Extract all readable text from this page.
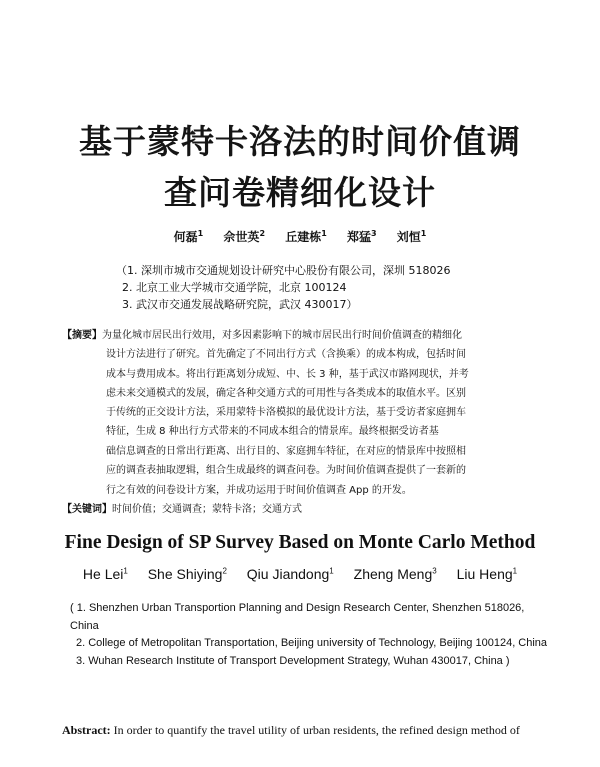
基于蒙特卡洛法的时间价值调
查问卷精细化设计
何磊$^1$ 佘世英$^2$ 丘建栋$^1$ 郑猛$^3$ 刘恒$^1$
（1. 深圳市城市交通规划设计研究中心股份有限公司，深圳 518026
2. 北京工业大学城市交通学院，北京 100124
3. 武汉市交通发展战略研究院，武汉 430017）
【摘要】为量化城市居民出行效用，对多因素影响下的城市居民出行时间价值调查的精细化
设计方法进行了研究。首先确定了不同出行方式（含换乘）的成本构成，包括时间
成本与费用成本。将出行距离划分成短、中、长 3 种，基于武汉市路网现状，并考
虑未来交通模式的发展，确定各种交通方式的可用性与各类成本的取值水平。区别
于传统的正交设计方法，采用蒙特卡洛模拟的最优设计方法，基于受访者家庭拥车
特征，生成 8 种出行方式带来的不同成本组合的情景库。最终根据受访者基
础信息调查的日常出行距离、出行目的、家庭拥车特征，在对应的情景库中按照相
应的调查表抽取逻辑，组合生成最终的调查问卷。为时间价值调查提供了一套新的
行之有效的问卷设计方案，并成功运用于时间价值调查 App 的开发。
【关键词】时间价值；交通调查；蒙特卡洛；交通方式
Fine Design of SP Survey Based on Monte Carlo Method
He Lei$^1$ She Shiying$^2$ Qiu Jiandong$^1$ Zheng Meng$^3$ Liu Heng$^1$
( 1. Shenzhen Urban Transportion Planning and Design Research Center, Shenzhen 518026, China
2. College of Metropolitan Transportation, Beijing university of Technology, Beijing 100124, China
3. Wuhan Research Institute of Transport Development Strategy, Wuhan 430017, China )
Abstract: In order to quantify the travel utility of urban residents, the refined design method of
